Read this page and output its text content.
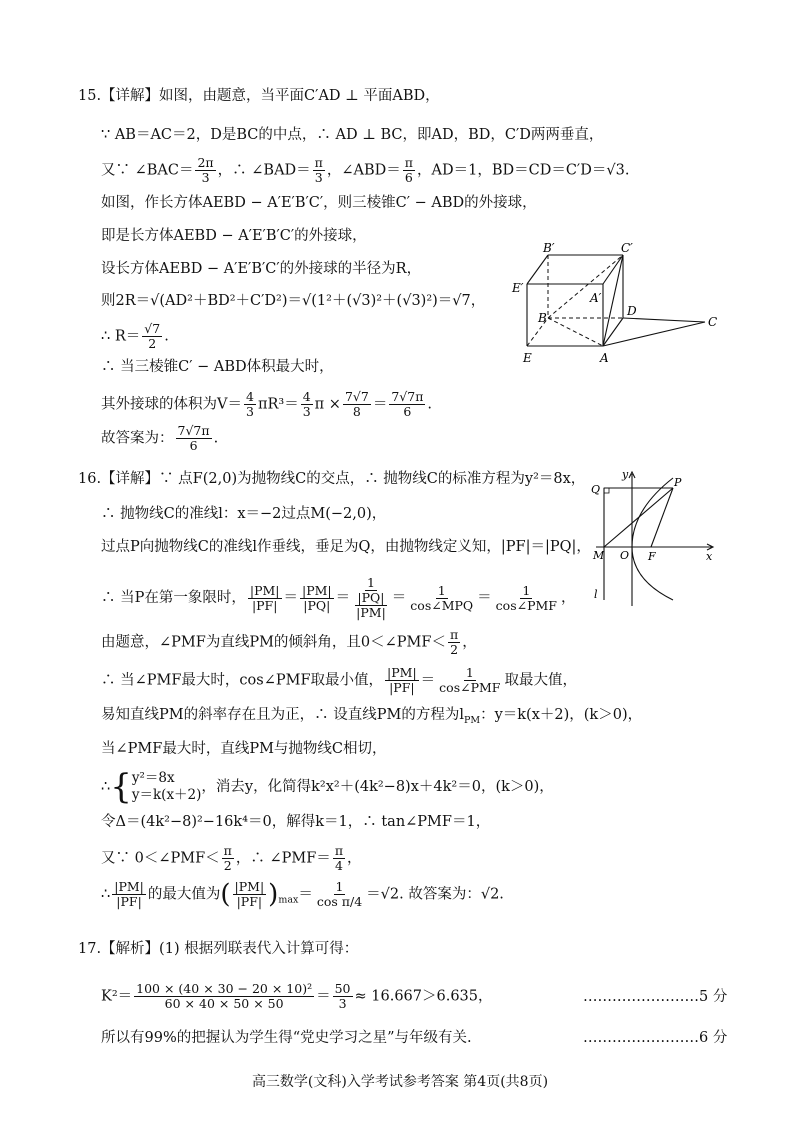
15.【详解】如图，由题意，当平面C′AD ⊥ 平面ABD，
∵ AB＝AC＝2，D是BC的中点，∴ AD ⊥ BC，即AD，BD，C′D两两垂直，
又∵ ∠BAC＝ $\frac{2\pi}{3}$ ，∴ ∠BAD＝ $\frac{\pi}{3}$ ，∠ABD＝ $\frac{\pi}{6}$ ，AD＝1，BD＝CD＝C′D＝√3.
如图，作长方体AEBD − A′E′B′C′，则三棱锥C′ − ABD的外接球，
即是长方体AEBD − A′E′B′C′的外接球，
设长方体AEBD − A′E′B′C′的外接球的半径为R，
则2R＝√(AD²＋BD²＋C′D²)＝√(1²＋(√3)²＋(√3)²)＝√7，
∴ $R= \frac{√7}{2}$ .
∴ 当三棱锥C′ − ABD体积最大时，
其外接球的体积为$V= \frac{4}{3} \pi R^3= \frac{4}{3}$ $\pi \times \frac{7√7}{8} = \frac{7√7\pi}{6}$ .
故答案为： $\frac{7√7\pi}{6}$ .
B′	C′
E′
A′
B	D
C
E	A
16.【详解】∵ 点F(2,0)为抛物线C的交点，∴ 抛物线C的标准方程为y²＝8x，
∴ 抛物线C的准线l：x＝−2过点M(−2,0)，
过点P向抛物线C的准线l作垂线，垂足为Q，由抛物线定义知，|PF|＝|PQ|，
∴ 当P在第一象限时， $\frac{|PM|}{|PF|} = \frac{|PM|}{|PQ|} = \frac{1}{\frac{|PQ|}{|PM|}} = \frac{1}{\text{cos∠MPQ}} = \frac{1}{\text{cos∠PMF}}$ ，
由题意，∠PMF为直线PM的倾斜角，且0＜∠PMF＜ $\frac{\pi}{2}$ ，
∴ 当∠PMF最大时，cos∠PMF取最小值， $\frac{|PM|}{|PF|} = \frac{1}{\text{cos∠PMF}}$ 取最大值，
易知直线PM的斜率存在且为正，∴ 设直线PM的方程为$l_{PM}$：y＝k(x＋2)，(k＞0)，
当∠PMF最大时，直线PM与抛物线C相切，
∴ { y²＝8x
y＝k(x＋2) ，消去y，化简得k²x²＋(4k²−8)x＋4k²＝0，(k＞0)，
令Δ＝(4k²−8)²−16k⁴＝0，解得k＝1，∴ tan∠PMF＝1，
又∵ 0＜∠PMF＜ $\frac{\pi}{2}$ ，∴ ∠PMF＝ $\frac{\pi}{4}$ ，
∴ $\frac{|PM|}{|PF|}$ 的最大值为( $\frac{|PM|}{|PF|} )_{max}= \frac{1}{\text{cos π/4}} =√2$. 故答案为：√2.
y
Q
P
M O F	x
l
17.【解析】(1) 根据列联表代入计算可得：
$K^2= \frac{\text{100 × (40 × 30 − 20 × 10)²}}{60 \times 40 \times 50 \times 50} = \frac{50}{3} \approx 16.667>6.635$，	……………………5 分
所以有99%的把握认为学生得“党史学习之星”与年级有关.	……………………6 分
高三数学(文科)入学考试参考答案 第4页(共8页)
